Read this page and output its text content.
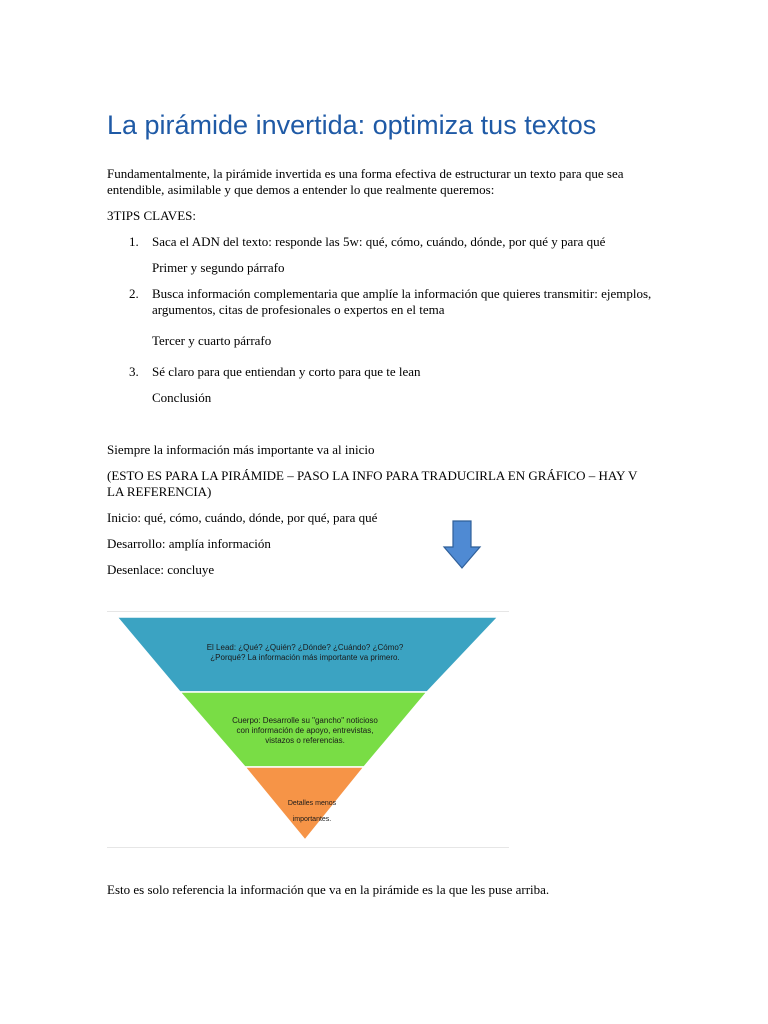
La pirámide invertida: optimiza tus textos

Fundamentalmente, la pirámide invertida es una forma efectiva de estructurar un texto para que sea

entendible, asimilable y que demos a entender lo que realmente queremos:

3TIPS CLAVES:

1. Saca el ADN del texto: responde las 5w: qué, cómo, cuándo, dónde, por qué y para qué

Primer y segundo párrafo

2. Busca información complementaria que amplíe la información que quieres transmitir: ejemplos,

argumentos, citas de profesionales o expertos en el tema

Tercer y cuarto párrafo

3. Sé claro para que entiendan y corto para que te lean

Conclusión

Siempre la información más importante va al inicio

(ESTO ES PARA LA PIRÁMIDE – PASO LA INFO PARA TRADUCIRLA EN GRÁFICO – HAY V

LA REFERENCIA)

Inicio: qué, cómo, cuándo, dónde, por qué, para qué

Desarrollo: amplía información

Desenlace: concluye

El Lead: ¿Qué? ¿Quién? ¿Dónde? ¿Cuándo? ¿Cómo?
¿Porqué? La información más importante va primero.
Cuerpo: Desarrolle su "gancho" noticioso
con información de apoyo, entrevistas,
vistazos o referencias.
Detalles menos
importantes.

Esto es solo referencia la información que va en la pirámide es la que les puse arriba.
